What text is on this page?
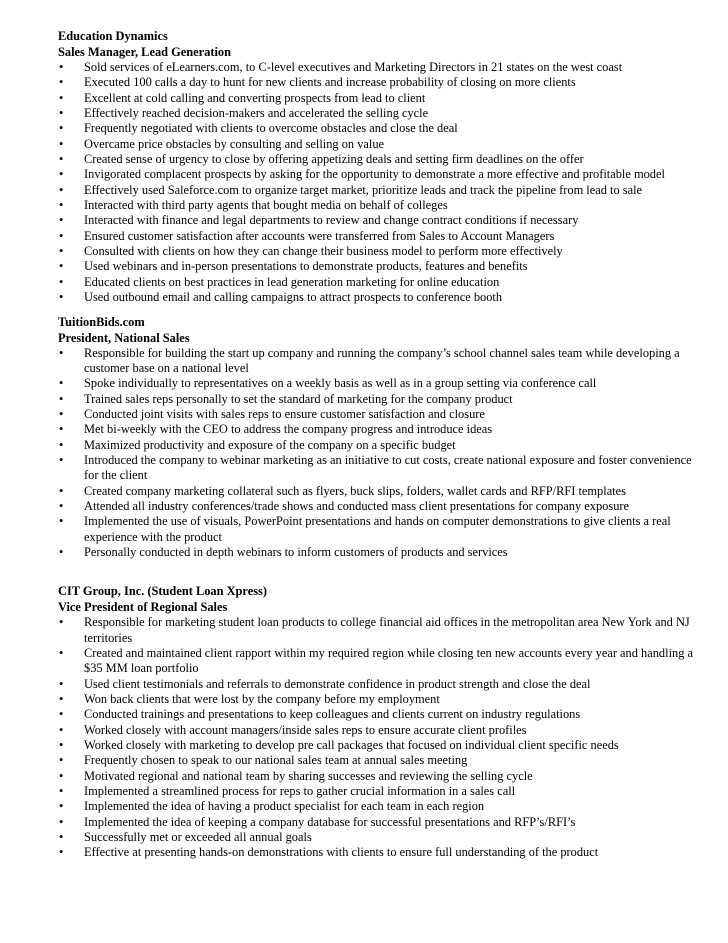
Education Dynamics
Sales Manager, Lead Generation
• Sold services of eLearners.com, to C-level executives and Marketing Directors in 21 states on the west coast
• Executed 100 calls a day to hunt for new clients and increase probability of closing on more clients
• Excellent at cold calling and converting prospects from lead to client
• Effectively reached decision-makers and accelerated the selling cycle
• Frequently negotiated with clients to overcome obstacles and close the deal
• Overcame price obstacles by consulting and selling on value
• Created sense of urgency to close by offering appetizing deals and setting firm deadlines on the offer
• Invigorated complacent prospects by asking for the opportunity to demonstrate a more effective and profitable model
• Effectively used Saleforce.com to organize target market, prioritize leads and track the pipeline from lead to sale
• Interacted with third party agents that bought media on behalf of colleges
• Interacted with finance and legal departments to review and change contract conditions if necessary
• Ensured customer satisfaction after accounts were transferred from Sales to Account Managers
• Consulted with clients on how they can change their business model to perform more effectively
• Used webinars and in-person presentations to demonstrate products, features and benefits
• Educated clients on best practices in lead generation marketing for online education
• Used outbound email and calling campaigns to attract prospects to conference booth
TuitionBids.com
President, National Sales
• Responsible for building the start up company and running the company’s school channel sales team while developing a customer base on a national level
• Spoke individually to representatives on a weekly basis as well as in a group setting via conference call
• Trained sales reps personally to set the standard of marketing for the company product
• Conducted joint visits with sales reps to ensure customer satisfaction and closure
• Met bi-weekly with the CEO to address the company progress and introduce ideas
• Maximized productivity and exposure of the company on a specific budget
• Introduced the company to webinar marketing as an initiative to cut costs, create national exposure and foster convenience for the client
• Created company marketing collateral such as flyers, buck slips, folders, wallet cards and RFP/RFI templates
• Attended all industry conferences/trade shows and conducted mass client presentations for company exposure
• Implemented the use of visuals, PowerPoint presentations and hands on computer demonstrations to give clients a real experience with the product
• Personally conducted in depth webinars to inform customers of products and services
CIT Group, Inc. (Student Loan Xpress)
Vice President of Regional Sales
• Responsible for marketing student loan products to college financial aid offices in the metropolitan area New York and NJ territories
• Created and maintained client rapport within my required region while closing ten new accounts every year and handling a $35 MM loan portfolio
• Used client testimonials and referrals to demonstrate confidence in product strength and close the deal
• Won back clients that were lost by the company before my employment
• Conducted trainings and presentations to keep colleagues and clients current on industry regulations
• Worked closely with account managers/inside sales reps to ensure accurate client profiles
• Worked closely with marketing to develop pre call packages that focused on individual client specific needs
• Frequently chosen to speak to our national sales team at annual sales meeting
• Motivated regional and national team by sharing successes and reviewing the selling cycle
• Implemented a streamlined process for reps to gather crucial information in a sales call
• Implemented the idea of having a product specialist for each team in each region
• Implemented the idea of keeping a company database for successful presentations and RFP’s/RFI’s
• Successfully met or exceeded all annual goals
• Effective at presenting hands-on demonstrations with clients to ensure full understanding of the product
